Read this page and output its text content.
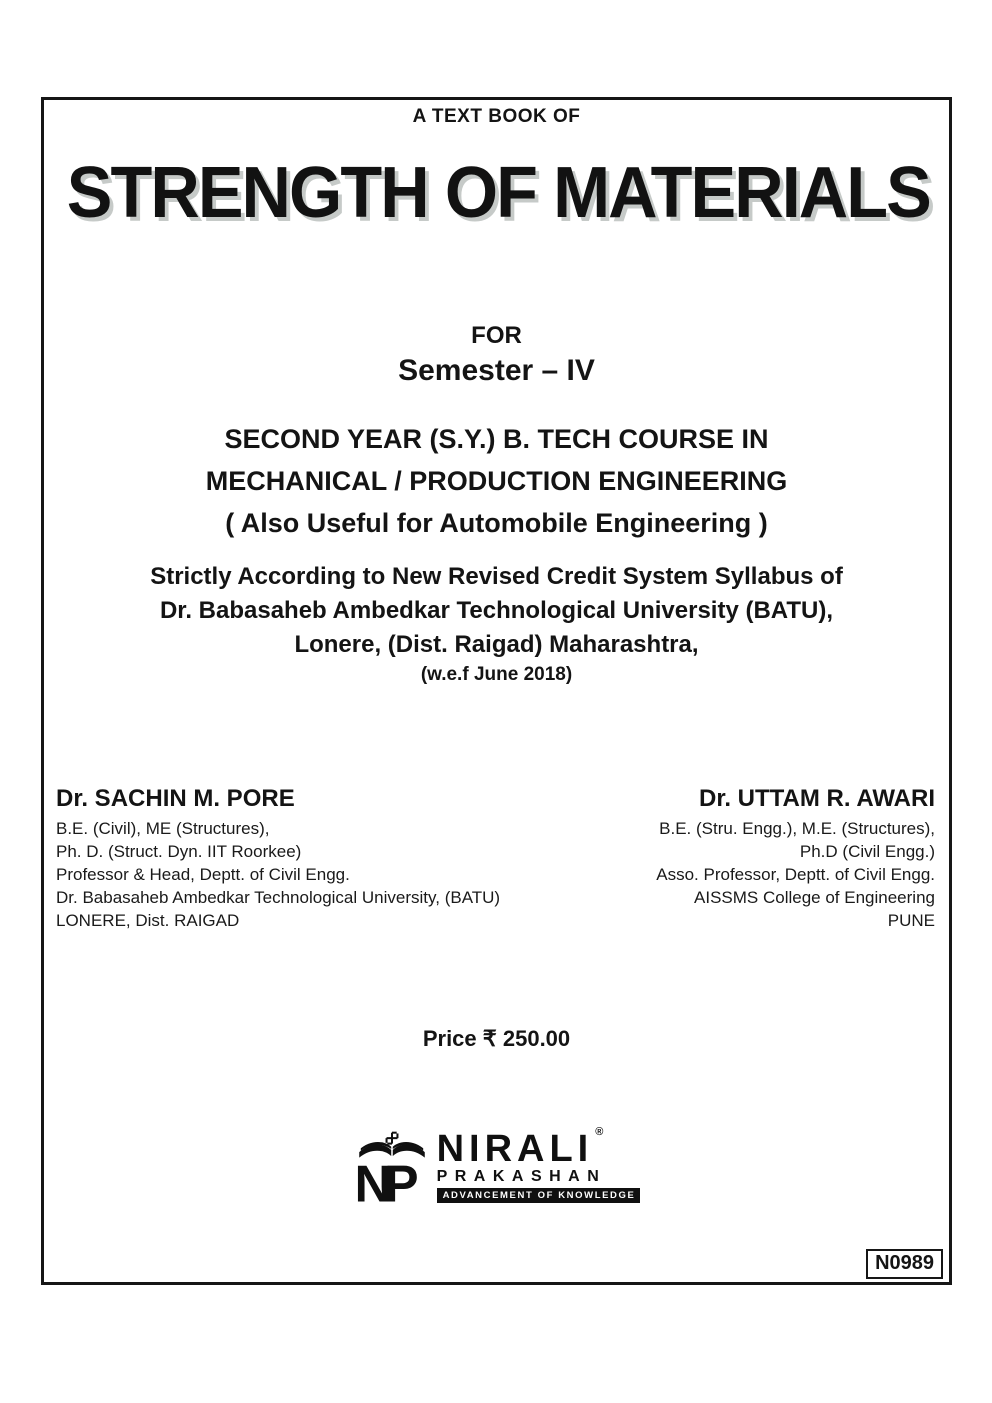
A TEXT BOOK OF
STRENGTH OF MATERIALS
FOR
Semester – IV
SECOND YEAR (S.Y.) B. TECH COURSE IN
MECHANICAL / PRODUCTION ENGINEERING
( Also Useful for Automobile Engineering )
Strictly According to New Revised Credit System Syllabus of
Dr. Babasaheb Ambedkar Technological University (BATU),
Lonere, (Dist. Raigad) Maharashtra,
(w.e.f June 2018)
Dr. SACHIN M. PORE
B.E. (Civil), ME (Structures),
Ph. D. (Struct. Dyn. IIT Roorkee)
Professor & Head, Deptt. of Civil Engg.
Dr. Babasaheb Ambedkar Technological University, (BATU)
LONERE, Dist. RAIGAD
Dr. UTTAM R. AWARI
B.E. (Stru. Engg.), M.E. (Structures),
Ph.D (Civil Engg.)
Asso. Professor, Deptt. of Civil Engg.
AISSMS College of Engineering
PUNE
Price ₹ 250.00
N
P
NIRALI ®
PRAKASHAN
ADVANCEMENT OF KNOWLEDGE
N0989
